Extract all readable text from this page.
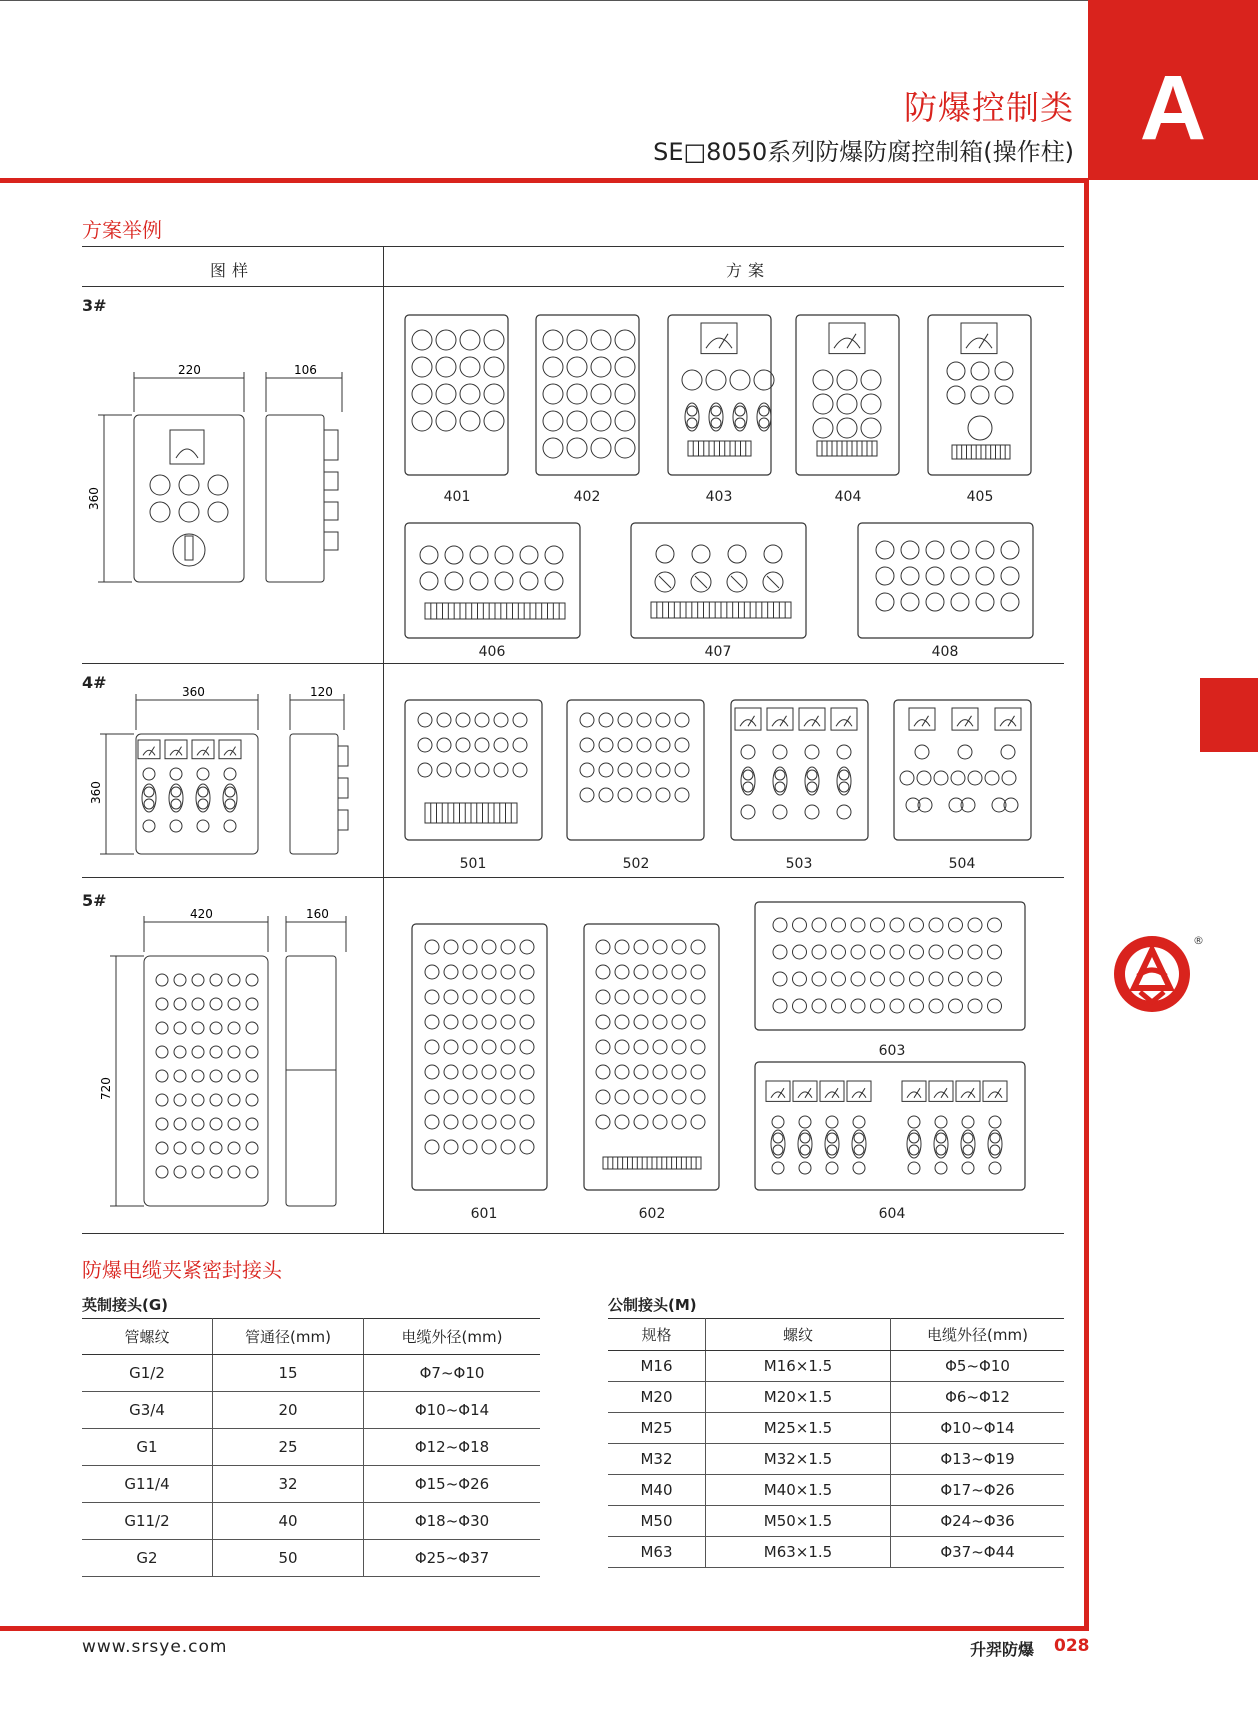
A
防爆控制类
SE□8050系列防爆防腐控制箱(操作柱)
®
方案举例
图样	方案
3#
4#
5#
220	106
360	401	402	403	404	405
406	407	408
360	120
360
501	502	503	504
420	160
720
601	602
603
604
防爆电缆夹紧密封接头
英制接头(G)	公制接头(M)
管螺纹	管通径(mm)	电缆外径(mm)
G1/2	15	Φ7~Φ10
G3/4	20	Φ10~Φ14
G1	25	Φ12~Φ18
G11/4	32	Φ15~Φ26
G11/2	40	Φ18~Φ30
G2	50	Φ25~Φ37
规格	螺纹	电缆外径(mm)
M16	M16×1.5	Φ5~Φ10
M20	M20×1.5	Φ6~Φ12
M25	M25×1.5	Φ10~Φ14
M32	M32×1.5	Φ13~Φ19
M40	M40×1.5	Φ17~Φ26
M50	M50×1.5	Φ24~Φ36
M63	M63×1.5	Φ37~Φ44
www.srsye.com	升羿防爆 028
